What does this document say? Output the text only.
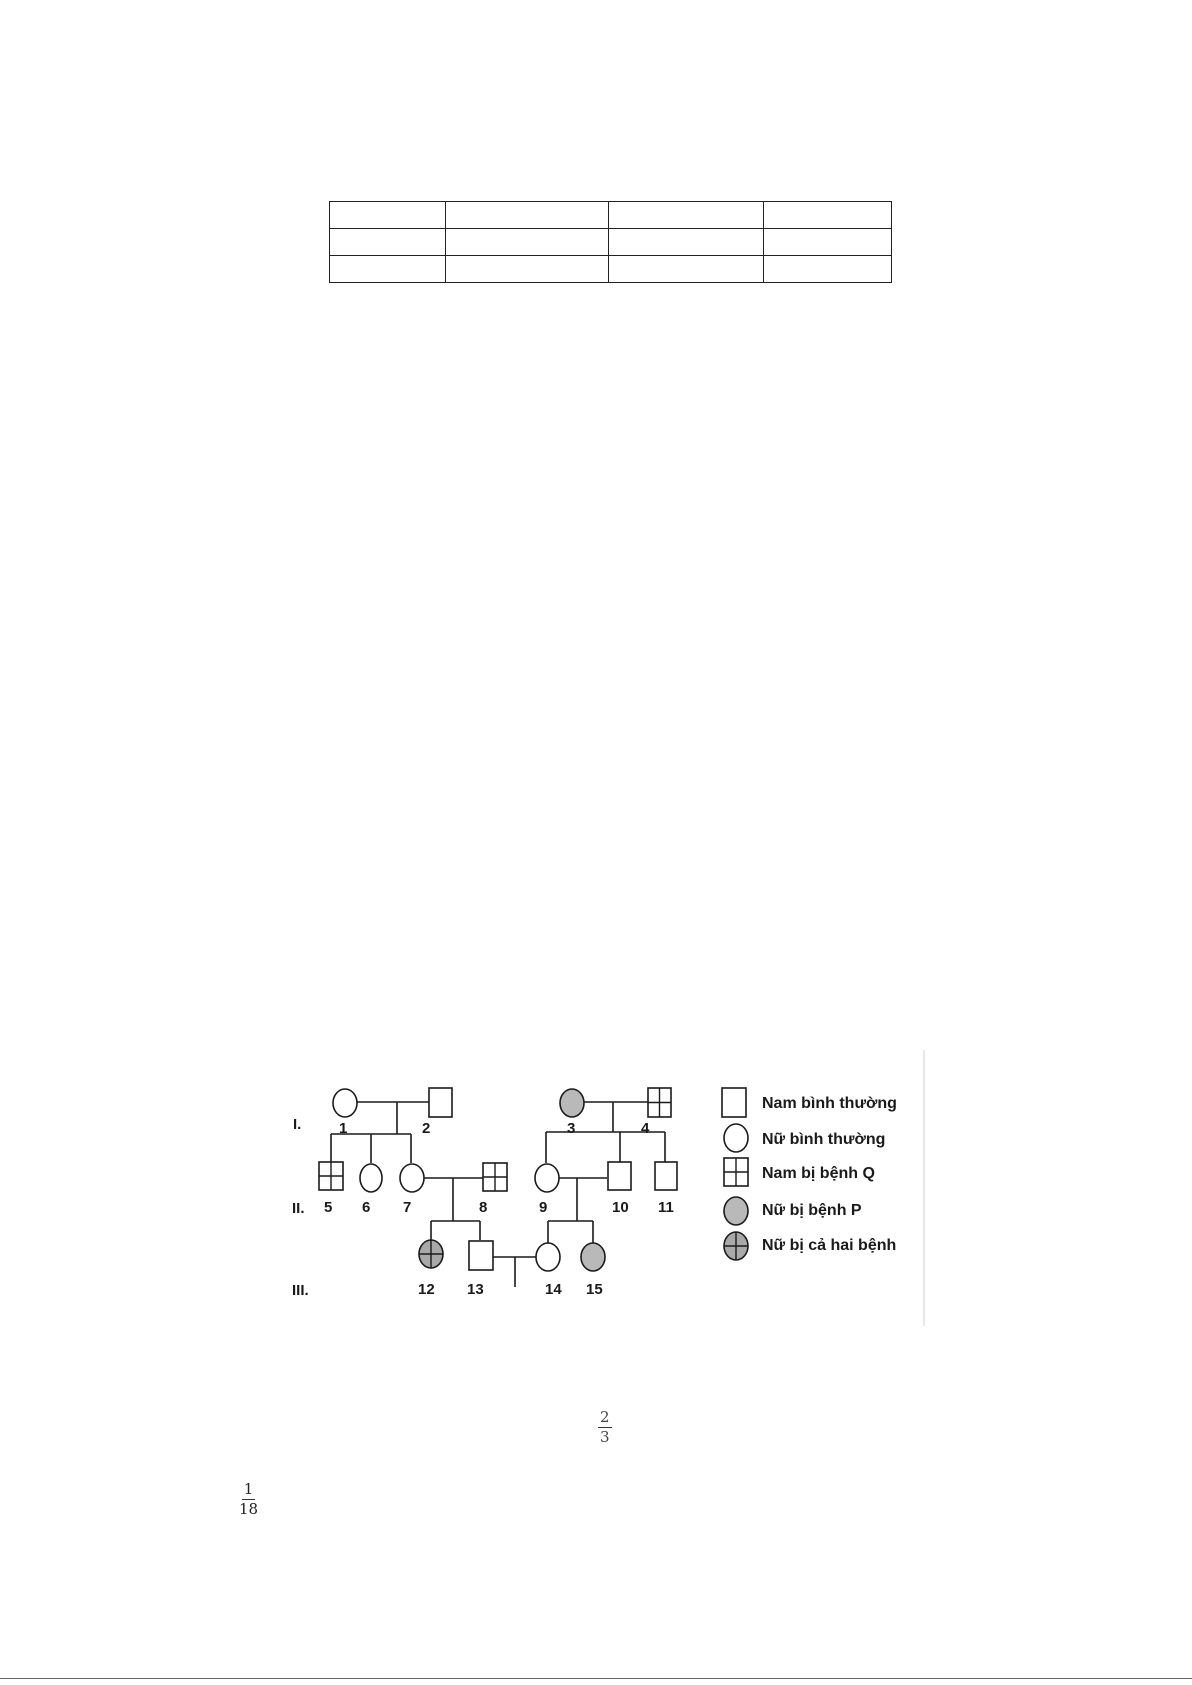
I.
II.
III.
1	2	3	4
5 6 7	8	9	10 11
12 13	14 15
Nam bình thường
Nữ bình thường
Nam bị bệnh Q
Nữ bị bệnh P
Nữ bị cả hai bệnh
$\frac{2}{3}$
$\frac{1}{18}$
